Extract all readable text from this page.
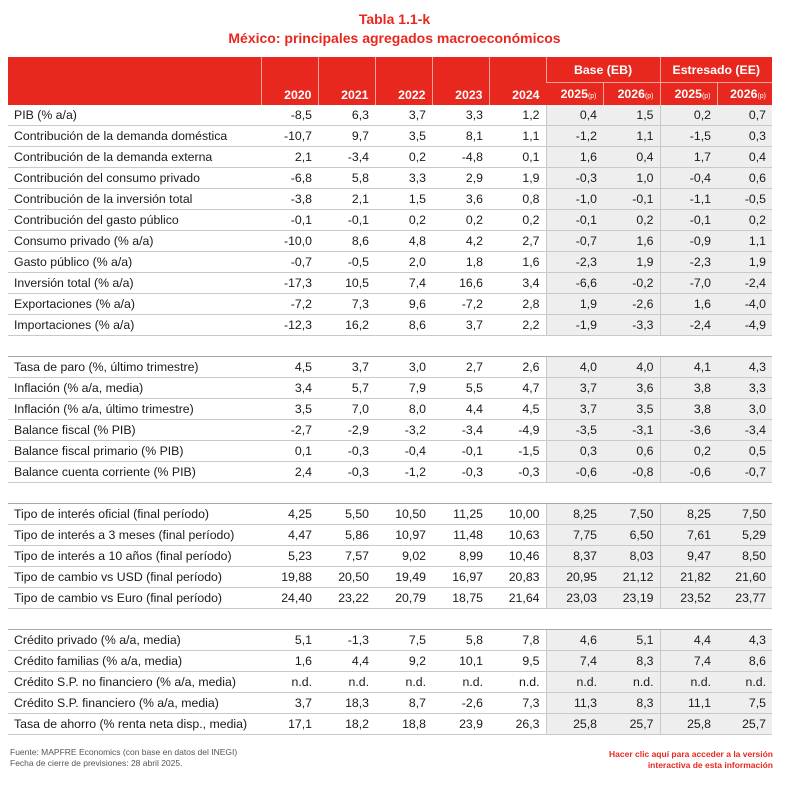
Tabla 1.1-k
México: principales agregados macroeconómicos
	2020	2021	2022	2023	2024	Base (EB)		Estresado (EE)	
						2025(p)	2026(p)	2025(p)	2026(p)
PIB (% a/a)	-8,5	6,3	3,7	3,3	1,2	0,4	1,5	0,2	0,7
Contribución de la demanda doméstica	-10,7	9,7	3,5	8,1	1,1	-1,2	1,1	-1,5	0,3
Contribución de la demanda externa	2,1	-3,4	0,2	-4,8	0,1	1,6	0,4	1,7	0,4
Contribución del consumo privado	-6,8	5,8	3,3	2,9	1,9	-0,3	1,0	-0,4	0,6
Contribución de la inversión total	-3,8	2,1	1,5	3,6	0,8	-1,0	-0,1	-1,1	-0,5
Contribución del gasto público	-0,1	-0,1	0,2	0,2	0,2	-0,1	0,2	-0,1	0,2
Consumo privado (% a/a)	-10,0	8,6	4,8	4,2	2,7	-0,7	1,6	-0,9	1,1
Gasto público (% a/a)	-0,7	-0,5	2,0	1,8	1,6	-2,3	1,9	-2,3	1,9
Inversión total (% a/a)	-17,3	10,5	7,4	16,6	3,4	-6,6	-0,2	-7,0	-2,4
Exportaciones (% a/a)	-7,2	7,3	9,6	-7,2	2,8	1,9	-2,6	1,6	-4,0
Importaciones (% a/a)	-12,3	16,2	8,6	3,7	2,2	-1,9	-3,3	-2,4	-4,9

Tasa de paro (%, último trimestre)	4,5	3,7	3,0	2,7	2,6	4,0	4,0	4,1	4,3
Inflación (% a/a, media)	3,4	5,7	7,9	5,5	4,7	3,7	3,6	3,8	3,3
Inflación (% a/a, último trimestre)	3,5	7,0	8,0	4,4	4,5	3,7	3,5	3,8	3,0
Balance fiscal (% PIB)	-2,7	-2,9	-3,2	-3,4	-4,9	-3,5	-3,1	-3,6	-3,4
Balance fiscal primario (% PIB)	0,1	-0,3	-0,4	-0,1	-1,5	0,3	0,6	0,2	0,5
Balance cuenta corriente (% PIB)	2,4	-0,3	-1,2	-0,3	-0,3	-0,6	-0,8	-0,6	-0,7

Tipo de interés oficial (final período)	4,25	5,50	10,50	11,25	10,00	8,25	7,50	8,25	7,50
Tipo de interés a 3 meses (final período)	4,47	5,86	10,97	11,48	10,63	7,75	6,50	7,61	5,29
Tipo de interés a 10 años (final período)	5,23	7,57	9,02	8,99	10,46	8,37	8,03	9,47	8,50
Tipo de cambio vs USD (final período)	19,88	20,50	19,49	16,97	20,83	20,95	21,12	21,82	21,60
Tipo de cambio vs Euro (final período)	24,40	23,22	20,79	18,75	21,64	23,03	23,19	23,52	23,77

Crédito privado (% a/a, media)	5,1	-1,3	7,5	5,8	7,8	4,6	5,1	4,4	4,3
Crédito familias (% a/a, media)	1,6	4,4	9,2	10,1	9,5	7,4	8,3	7,4	8,6
Crédito S.P. no financiero (% a/a, media)	n.d.	n.d.	n.d.	n.d.	n.d.	n.d.	n.d.	n.d.	n.d.
Crédito S.P. financiero (% a/a, media)	3,7	18,3	8,7	-2,6	7,3	11,3	8,3	11,1	7,5
Tasa de ahorro (% renta neta disp., media)	17,1	18,2	18,8	23,9	26,3	25,8	25,7	25,8	25,7
Fuente: MAPFRE Economics (con base en datos del INEGI)
Fecha de cierre de previsiones: 28 abril 2025.
Hacer clic aquí para acceder a la versión
interactiva de esta información
